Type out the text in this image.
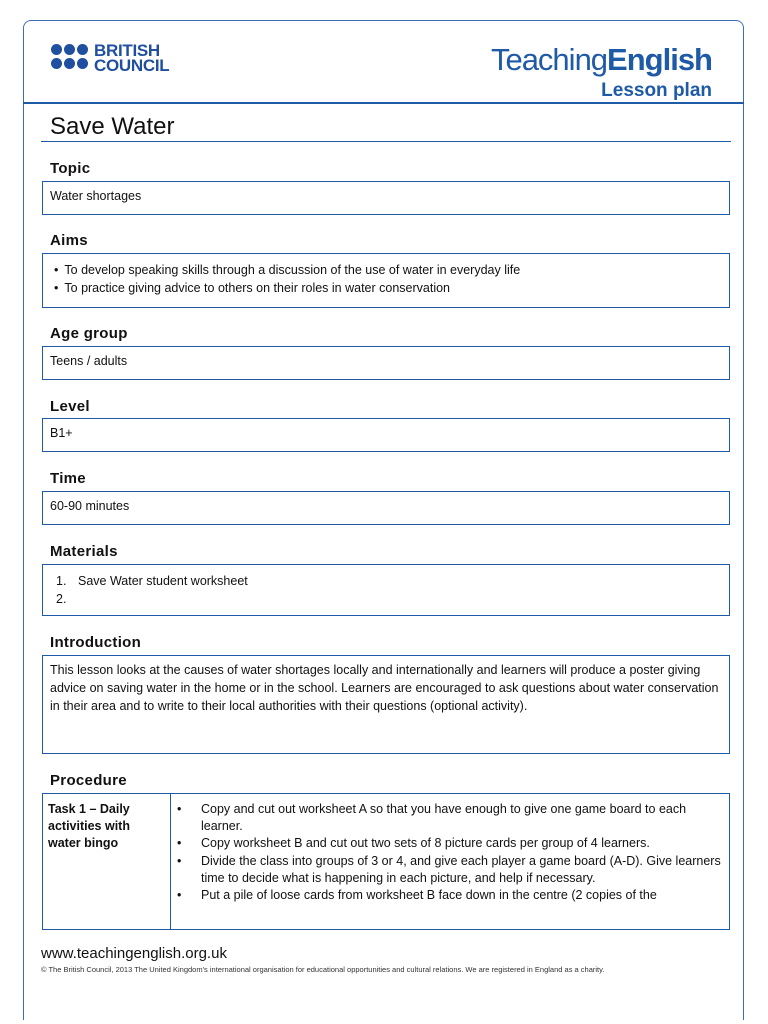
BRITISH
COUNCIL	TeachingEnglish
Lesson plan
Save Water
Topic
Water shortages
Aims
• To develop speaking skills through a discussion of the use of water in everyday life
• To practice giving advice to others on their roles in water conservation
Age group
Teens / adults
Level
B1+
Time
60-90 minutes
Materials
1. Save Water student worksheet
2.
Introduction
This lesson looks at the causes of water shortages locally and internationally and learners will produce a poster giving advice on saving water in the home or in the school. Learners are encouraged to ask questions about water conservation in their area and to write to their local authorities with their questions (optional activity).
Procedure
Task 1 – Daily activities with water bingo
• Copy and cut out worksheet A so that you have enough to give one game board to each learner.
• Copy worksheet B and cut out two sets of 8 picture cards per group of 4 learners.
• Divide the class into groups of 3 or 4, and give each player a game board (A-D). Give learners time to decide what is happening in each picture, and help if necessary.
• Put a pile of loose cards from worksheet B face down in the centre (2 copies of the
www.teachingenglish.org.uk
© The British Council, 2013 The United Kingdom's international organisation for educational opportunities and cultural relations. We are registered in England as a charity.
